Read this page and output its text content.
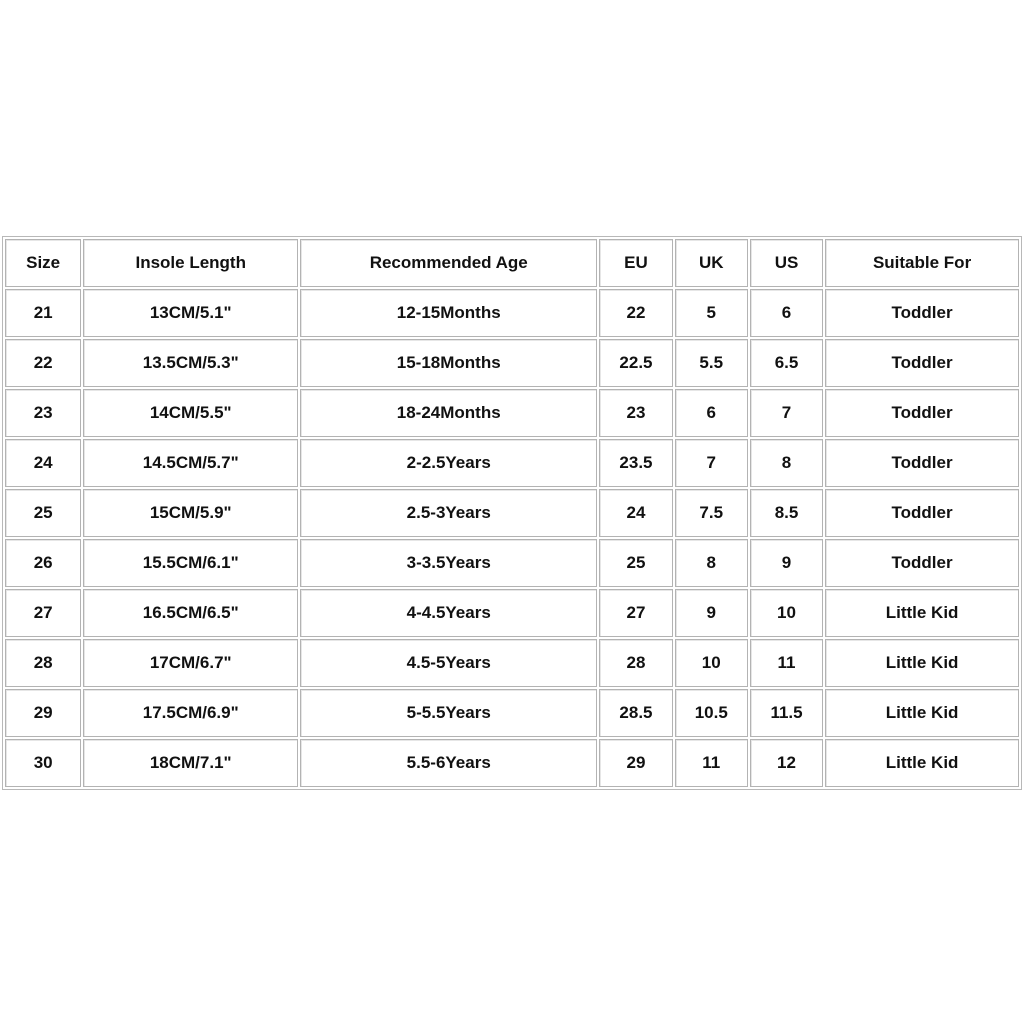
Size	Insole Length	Recommended Age	EU	UK	US	Suitable For
21	13CM/5.1"	12-15Months	22	5	6	Toddler
22	13.5CM/5.3"	15-18Months	22.5	5.5	6.5	Toddler
23	14CM/5.5"	18-24Months	23	6	7	Toddler
24	14.5CM/5.7"	2-2.5Years	23.5	7	8	Toddler
25	15CM/5.9"	2.5-3Years	24	7.5	8.5	Toddler
26	15.5CM/6.1"	3-3.5Years	25	8	9	Toddler
27	16.5CM/6.5"	4-4.5Years	27	9	10	Little Kid
28	17CM/6.7"	4.5-5Years	28	10	11	Little Kid
29	17.5CM/6.9"	5-5.5Years	28.5	10.5	11.5	Little Kid
30	18CM/7.1"	5.5-6Years	29	11	12	Little Kid
